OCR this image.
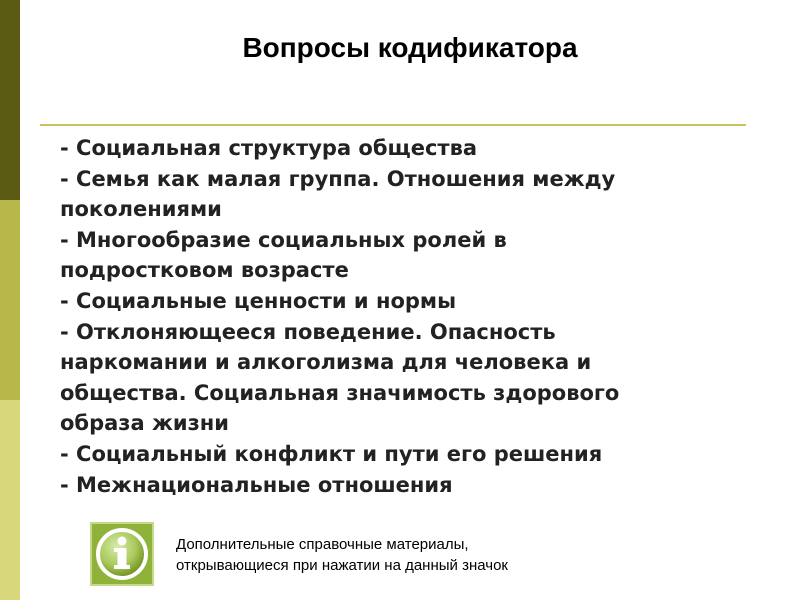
Вопросы кодификатора

- Социальная структура общества

- Семья как малая группа. Отношения между

поколениями

- Многообразие социальных ролей в

подростковом возрасте

- Социальные ценности и нормы

- Отклоняющееся поведение. Опасность

наркомании и алкоголизма для человека и

общества. Социальная значимость здорового

образа жизни

- Социальный конфликт и пути его решения

- Межнациональные отношения

Дополнительные справочные материалы,

открывающиеся при нажатии на данный значок
